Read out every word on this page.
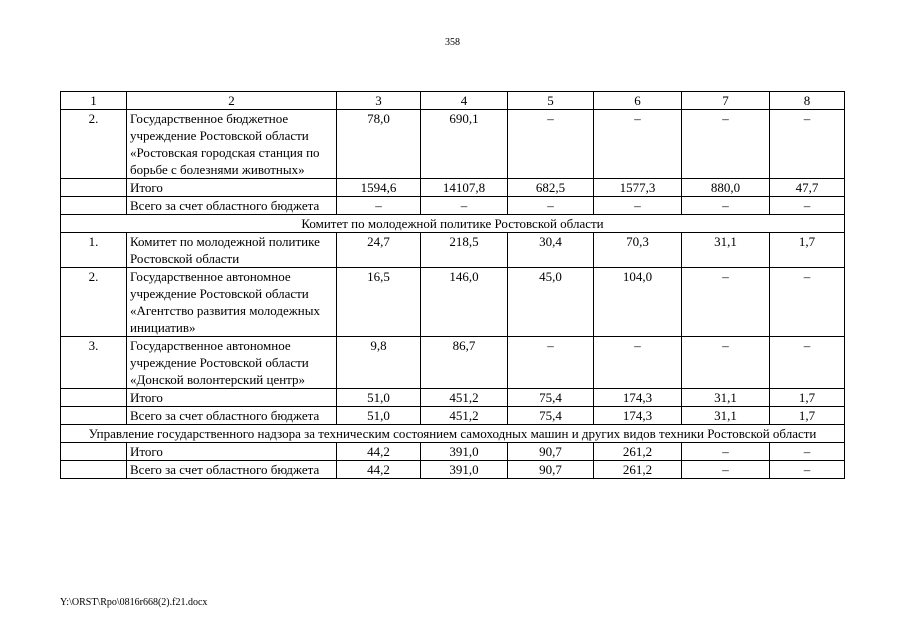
358
1	2	3	4	5	6	7	8
2.	Государственное бюджетное учреждение Ростовской области «Ростовская городская станция по борьбе с болезнями животных»	78,0	690,1	–	–	–	–
	Итого	1594,6	14107,8	682,5	1577,3	880,0	47,7
	Всего за счет областного бюджета	–	–	–	–	–	–
Комитет по молодежной политике Ростовской области							
1.	Комитет по молодежной политике Ростовской области	24,7	218,5	30,4	70,3	31,1	1,7
2.	Государственное автономное учреждение Ростовской области «Агентство развития молодежных инициатив»	16,5	146,0	45,0	104,0	–	–
3.	Государственное автономное учреждение Ростовской области «Донской волонтерский центр»	9,8	86,7	–	–	–	–
	Итого	51,0	451,2	75,4	174,3	31,1	1,7
	Всего за счет областного бюджета	51,0	451,2	75,4	174,3	31,1	1,7
Управление государственного надзора за техническим состоянием самоходных машин и других видов техники Ростовской области							
	Итого	44,2	391,0	90,7	261,2	–	–
	Всего за счет областного бюджета	44,2	391,0	90,7	261,2	–	–
Y:\ORST\Rpo\0816r668(2).f21.docx
